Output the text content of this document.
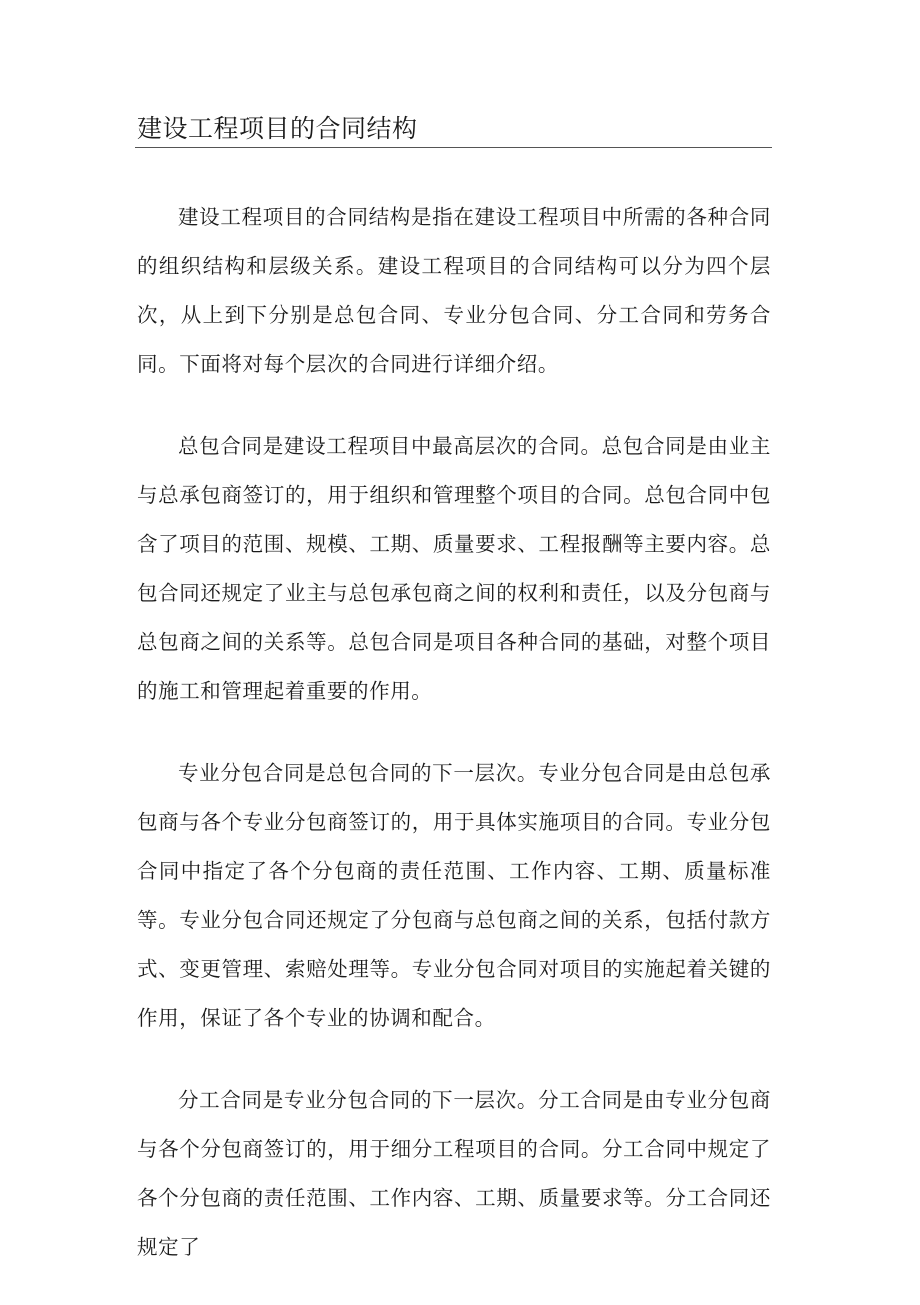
建设工程项目的合同结构

建设工程项目的合同结构是指在建设工程项目中所需的各种合同的组织结构和层级关系。建设工程项目的合同结构可以分为四个层次，从上到下分别是总包合同、专业分包合同、分工合同和劳务合同。下面将对每个层次的合同进行详细介绍。

总包合同是建设工程项目中最高层次的合同。总包合同是由业主与总承包商签订的，用于组织和管理整个项目的合同。总包合同中包含了项目的范围、规模、工期、质量要求、工程报酬等主要内容。总包合同还规定了业主与总包承包商之间的权利和责任，以及分包商与总包商之间的关系等。总包合同是项目各种合同的基础，对整个项目的施工和管理起着重要的作用。

专业分包合同是总包合同的下一层次。专业分包合同是由总包承包商与各个专业分包商签订的，用于具体实施项目的合同。专业分包合同中指定了各个分包商的责任范围、工作内容、工期、质量标准等。专业分包合同还规定了分包商与总包商之间的关系，包括付款方式、变更管理、索赔处理等。专业分包合同对项目的实施起着关键的作用，保证了各个专业的协调和配合。

分工合同是专业分包合同的下一层次。分工合同是由专业分包商与各个分包商签订的，用于细分工程项目的合同。分工合同中规定了各个分包商的责任范围、工作内容、工期、质量要求等。分工合同还规定了
